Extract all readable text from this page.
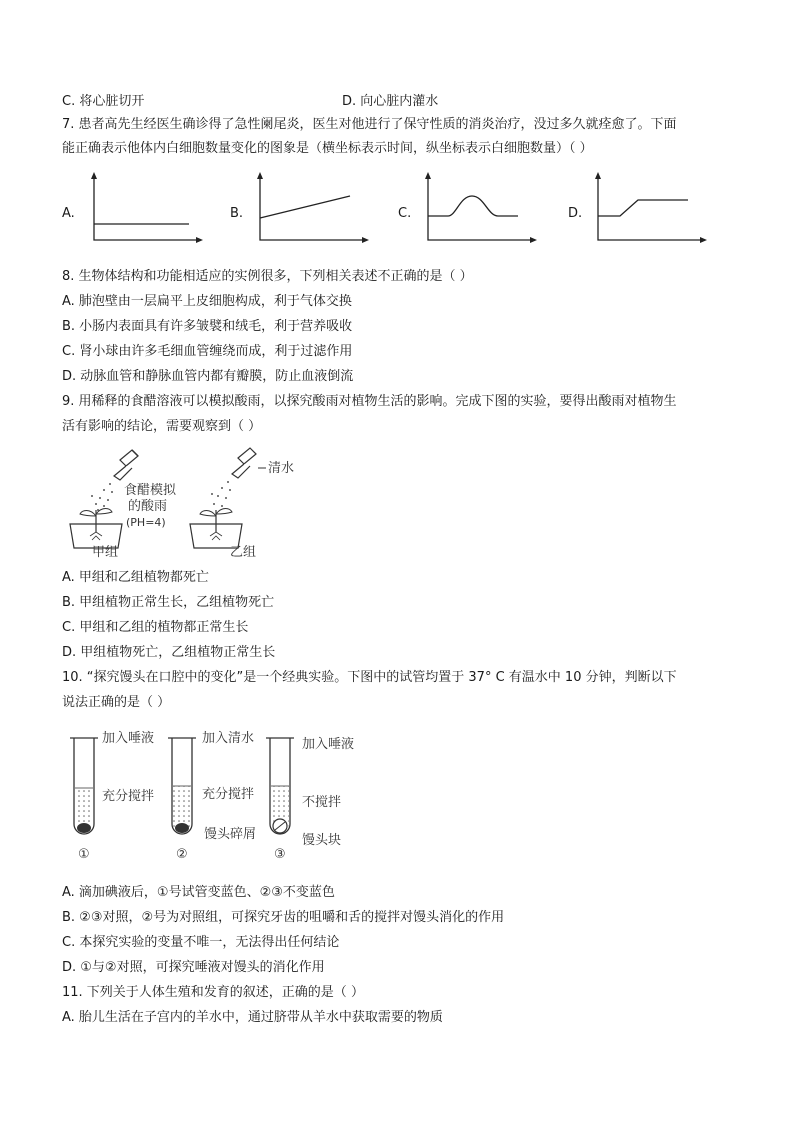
C. 将心脏切开	D. 向心脏内灌水
7. 患者高先生经医生确诊得了急性阑尾炎，医生对他进行了保守性质的消炎治疗，没过多久就痊愈了。下面
能正确表示他体内白细胞数量变化的图象是（横坐标表示时间，纵坐标表示白细胞数量）（ ）
A.	B.	C.	D.
8. 生物体结构和功能相适应的实例很多，下列相关表述不正确的是（ ）
A. 肺泡壁由一层扁平上皮细胞构成，利于气体交换
B. 小肠内表面具有许多皱襞和绒毛，利于营养吸收
C. 肾小球由许多毛细血管缠绕而成，利于过滤作用
D. 动脉血管和静脉血管内都有瓣膜，防止血液倒流
9. 用稀释的食醋溶液可以模拟酸雨，以探究酸雨对植物生活的影响。完成下图的实验，要得出酸雨对植物生
活有影响的结论，需要观察到（ ）
食醋模拟
的酸雨
(PH=4)
甲组
清水
乙组
A. 甲组和乙组植物都死亡
B. 甲组植物正常生长，乙组植物死亡
C. 甲组和乙组的植物都正常生长
D. 甲组植物死亡，乙组植物正常生长
10. “探究馒头在口腔中的变化”是一个经典实验。下图中的试管均置于 37° C 有温水中 10 分钟，判断以下
说法正确的是（ ）
加入唾液
充分搅拌
①
加入清水
充分搅拌
馒头碎屑
②
加入唾液
不搅拌
馒头块
③
A. 滴加碘液后，①号试管变蓝色、②③不变蓝色
B. ②③对照，②号为对照组，可探究牙齿的咀嚼和舌的搅拌对馒头消化的作用
C. 本探究实验的变量不唯一，无法得出任何结论
D. ①与②对照，可探究唾液对馒头的消化作用
11. 下列关于人体生殖和发育的叙述，正确的是（ ）
A. 胎儿生活在子宫内的羊水中，通过脐带从羊水中获取需要的物质
